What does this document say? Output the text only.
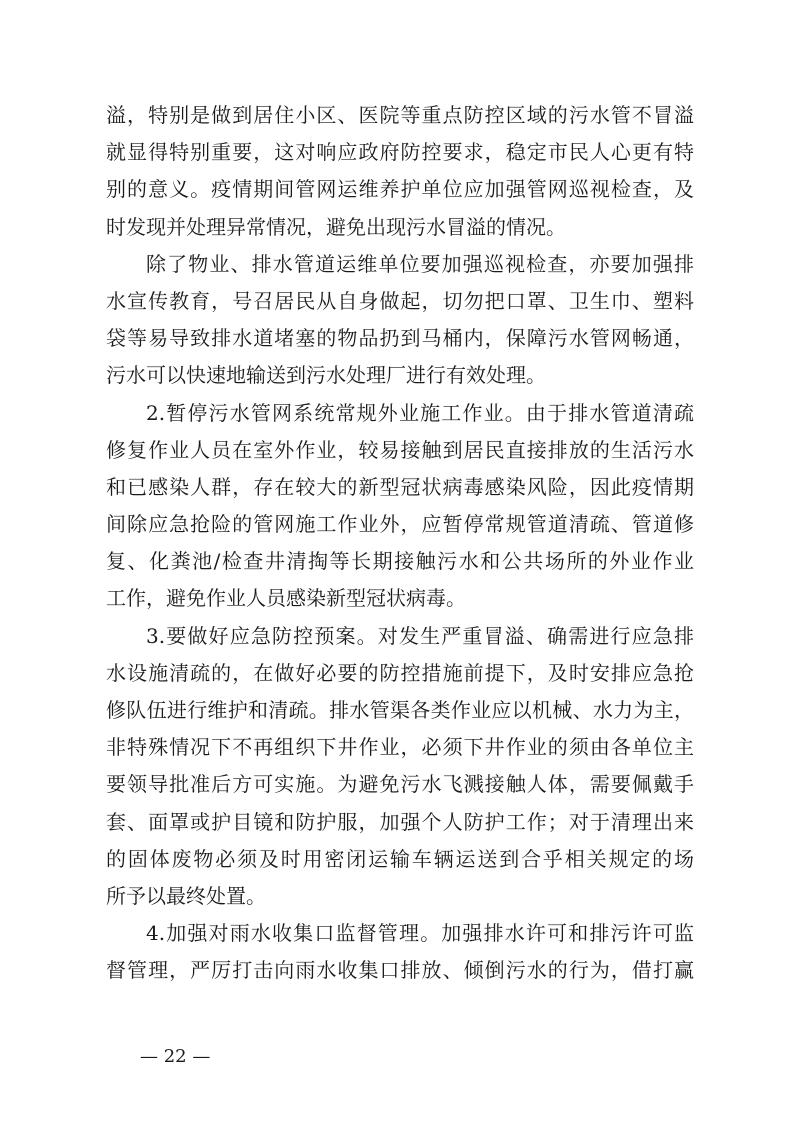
溢，特别是做到居住小区、医院等重点防控区域的污水管不冒溢
就显得特别重要，这对响应政府防控要求，稳定市民人心更有特
别的意义。疫情期间管网运维养护单位应加强管网巡视检查，及
时发现并处理异常情况，避免出现污水冒溢的情况。
除了物业、排水管道运维单位要加强巡视检查，亦要加强排
水宣传教育，号召居民从自身做起，切勿把口罩、卫生巾、塑料
袋等易导致排水道堵塞的物品扔到马桶内，保障污水管网畅通，
污水可以快速地输送到污水处理厂进行有效处理。
2.暂停污水管网系统常规外业施工作业。由于排水管道清疏
修复作业人员在室外作业，较易接触到居民直接排放的生活污水
和已感染人群，存在较大的新型冠状病毒感染风险，因此疫情期
间除应急抢险的管网施工作业外，应暂停常规管道清疏、管道修
复、化粪池/检查井清掏等长期接触污水和公共场所的外业作业
工作，避免作业人员感染新型冠状病毒。
3.要做好应急防控预案。对发生严重冒溢、确需进行应急排
水设施清疏的，在做好必要的防控措施前提下，及时安排应急抢
修队伍进行维护和清疏。排水管渠各类作业应以机械、水力为主，
非特殊情况下不再组织下井作业，必须下井作业的须由各单位主
要领导批准后方可实施。为避免污水飞溅接触人体，需要佩戴手
套、面罩或护目镜和防护服，加强个人防护工作；对于清理出来
的固体废物必须及时用密闭运输车辆运送到合乎相关规定的场
所予以最终处置。
4.加强对雨水收集口监督管理。加强排水许可和排污许可监
督管理，严厉打击向雨水收集口排放、倾倒污水的行为，借打赢
— 22 —
